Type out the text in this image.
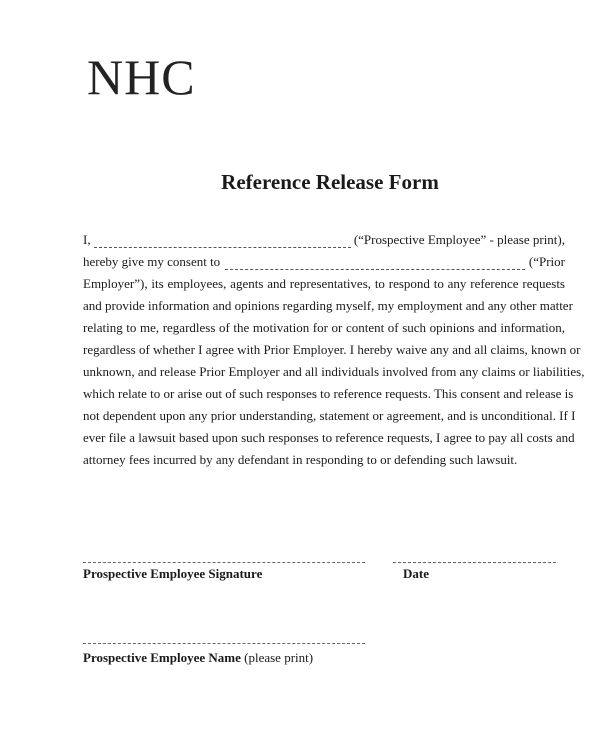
NHC
Reference Release Form
I,	(“Prospective Employee” - please print),
hereby give my consent to	(“Prior
Employer”), its employees, agents and representatives, to respond to any reference requests
and provide information and opinions regarding myself, my employment and any other matter
relating to me, regardless of the motivation for or content of such opinions and information,
regardless of whether I agree with Prior Employer. I hereby waive any and all claims, known or
unknown, and release Prior Employer and all individuals involved from any claims or liabilities,
which relate to or arise out of such responses to reference requests. This consent and release is
not dependent upon any prior understanding, statement or agreement, and is unconditional. If I
ever file a lawsuit based upon such responses to reference requests, I agree to pay all costs and
attorney fees incurred by any defendant in responding to or defending such lawsuit.
Prospective Employee Signature	Date
Prospective Employee Name (please print)
